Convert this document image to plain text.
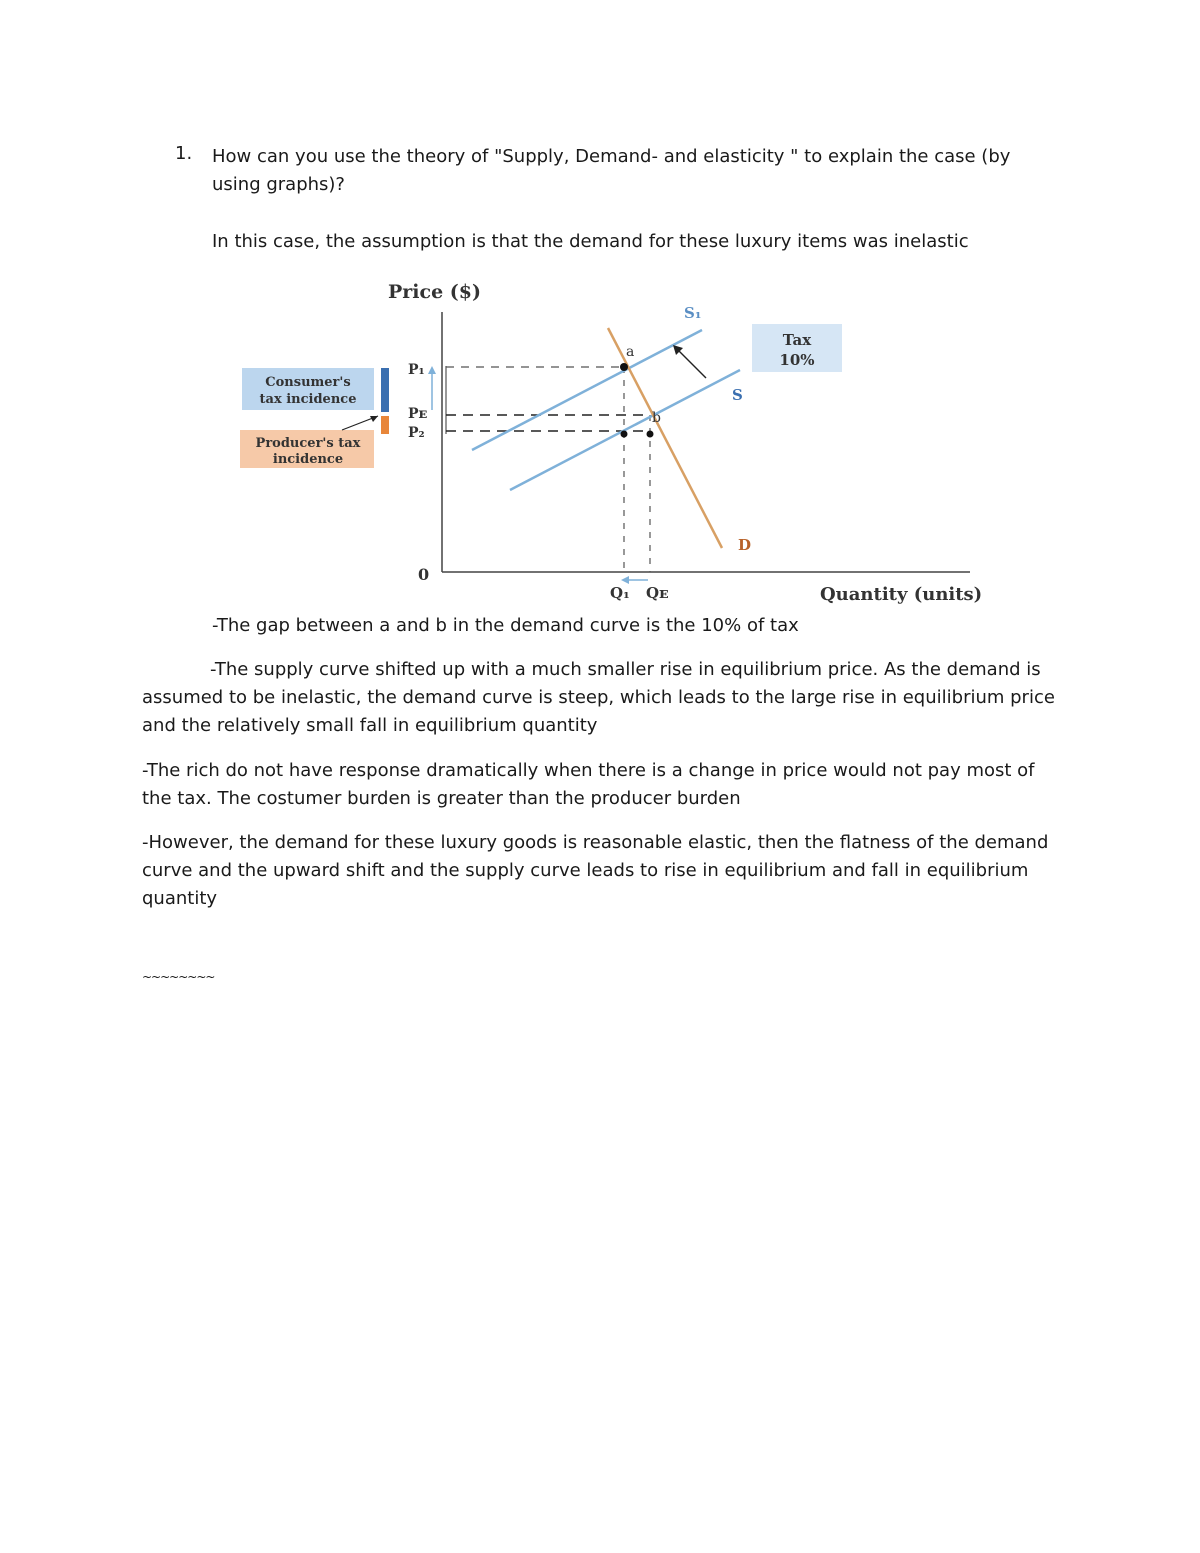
1. How can you use the theory of "Supply, Demand- and elasticity " to explain the case (by using graphs)?
In this case, the assumption is that the demand for these luxury items was inelastic
Consumer's
tax incidence
Producer's tax
incidence
Price ($)
Quantity (units)
0
P₁
Pᴇ
P₂
a
b
S₁
S
D
Q₁ Qᴇ
Tax
10%
-The gap between a and b in the demand curve is the 10% of tax
-The supply curve shifted up with a much smaller rise in equilibrium price. As the demand is assumed to be inelastic, the demand curve is steep, which leads to the large rise in equilibrium price and the relatively small fall in equilibrium quantity
-The rich do not have response dramatically when there is a change in price would not pay most of the tax. The costumer burden is greater than the producer burden
-However, the demand for these luxury goods is reasonable elastic, then the flatness of the demand curve and the upward shift and the supply curve leads to rise in equilibrium and fall in equilibrium quantity
~~~~~~~~
